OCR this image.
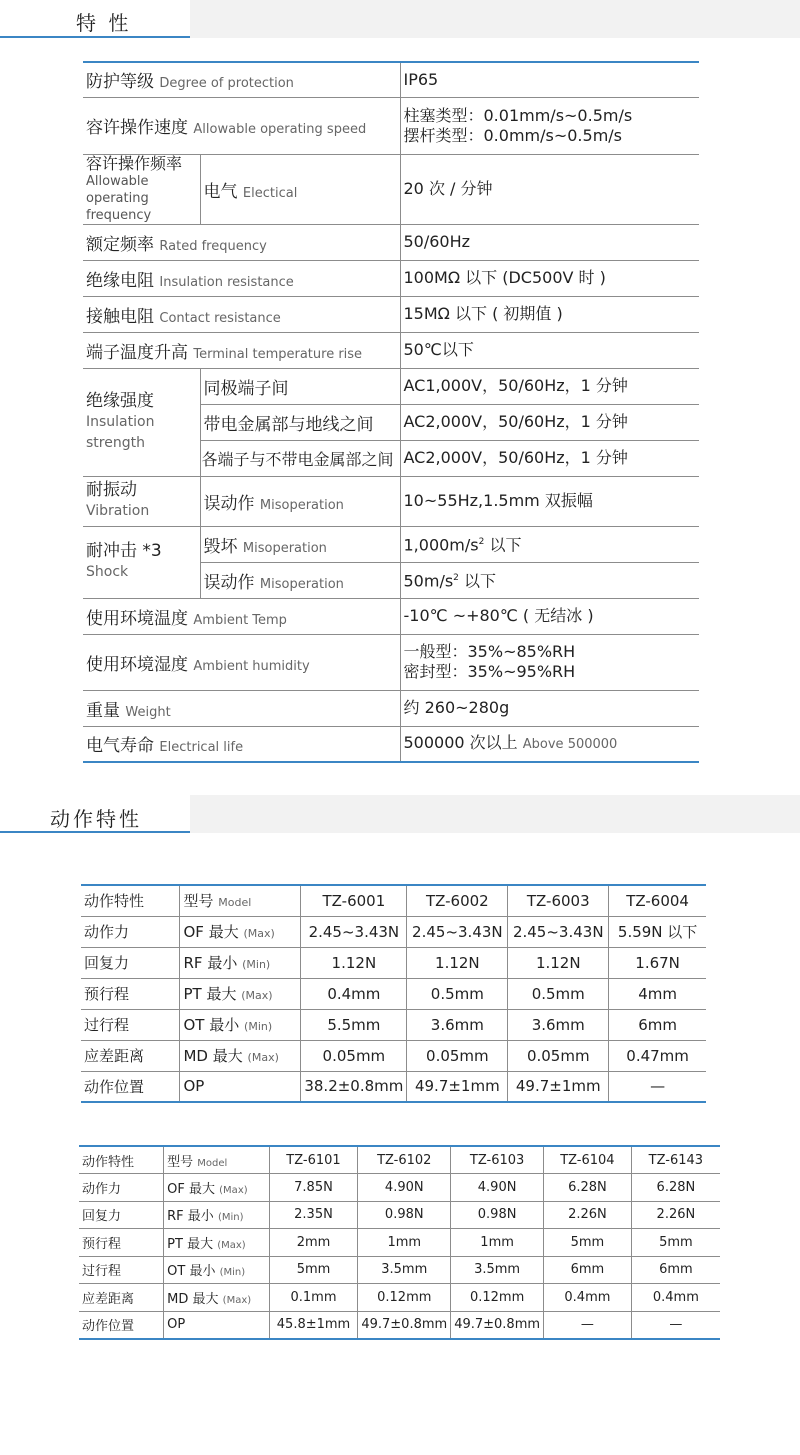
特 性
防护等级 Degree of protection		IP65
容许操作速度 Allowable operating speed		柱塞类型：0.01mm/s~0.5m/s
摆杆类型：0.0mm/s~0.5m/s

容许操作频率
Allowable operating
frequency	电气 Electical	20 次 / 分钟
额定频率 Rated frequency		50/60Hz
绝缘电阻 Insulation resistance		100MΩ 以下 (DC500V 时 )
接触电阻 Contact resistance		15MΩ 以下 ( 初期值 )
端子温度升高 Terminal temperature rise		50℃以下

绝缘强度
Insulation
strength	同极端子间	AC1,000V，50/60Hz，1 分钟
	带电金属部与地线之间	AC2,000V，50/60Hz，1 分钟
	各端子与不带电金属部之间	AC2,000V，50/60Hz，1 分钟

耐振动
Vibration	误动作 Misoperation	10~55Hz,1.5mm 双振幅

耐冲击 *3
Shock	毁坏 Misoperation	$1,000m/s^2$ 以下
	误动作 Misoperation	$50m/s^2$ 以下
使用环境温度 Ambient Temp		-10℃ ~+80℃ ( 无结冰 )
使用环境湿度 Ambient humidity		一般型：35%~85%RH
密封型：35%~95%RH

重量 Weight		约 260~280g
电气寿命 Electrical life		500000 次以上 Above 500000
动作特性
动作特性	型号 Model	TZ-6001	TZ-6002	TZ-6003	TZ-6004
动作力	OF 最大 (Max)	2.45~3.43N	2.45~3.43N	2.45~3.43N	5.59N 以下
回复力	RF 最小 (Min)	1.12N	1.12N	1.12N	1.67N
预行程	PT 最大 (Max)	0.4mm	0.5mm	0.5mm	4mm
过行程	OT 最小 (Min)	5.5mm	3.6mm	3.6mm	6mm
应差距离	MD 最大 (Max)	0.05mm	0.05mm	0.05mm	0.47mm
动作位置	OP	38.2±0.8mm	49.7±1mm	49.7±1mm	—
动作特性	型号 Model	TZ-6101	TZ-6102	TZ-6103	TZ-6104	TZ-6143
动作力	OF 最大 (Max)	7.85N	4.90N	4.90N	6.28N	6.28N
回复力	RF 最小 (Min)	2.35N	0.98N	0.98N	2.26N	2.26N
预行程	PT 最大 (Max)	2mm	1mm	1mm	5mm	5mm
过行程	OT 最小 (Min)	5mm	3.5mm	3.5mm	6mm	6mm
应差距离	MD 最大 (Max)	0.1mm	0.12mm	0.12mm	0.4mm	0.4mm
动作位置	OP	45.8±1mm	49.7±0.8mm	49.7±0.8mm	—	—
